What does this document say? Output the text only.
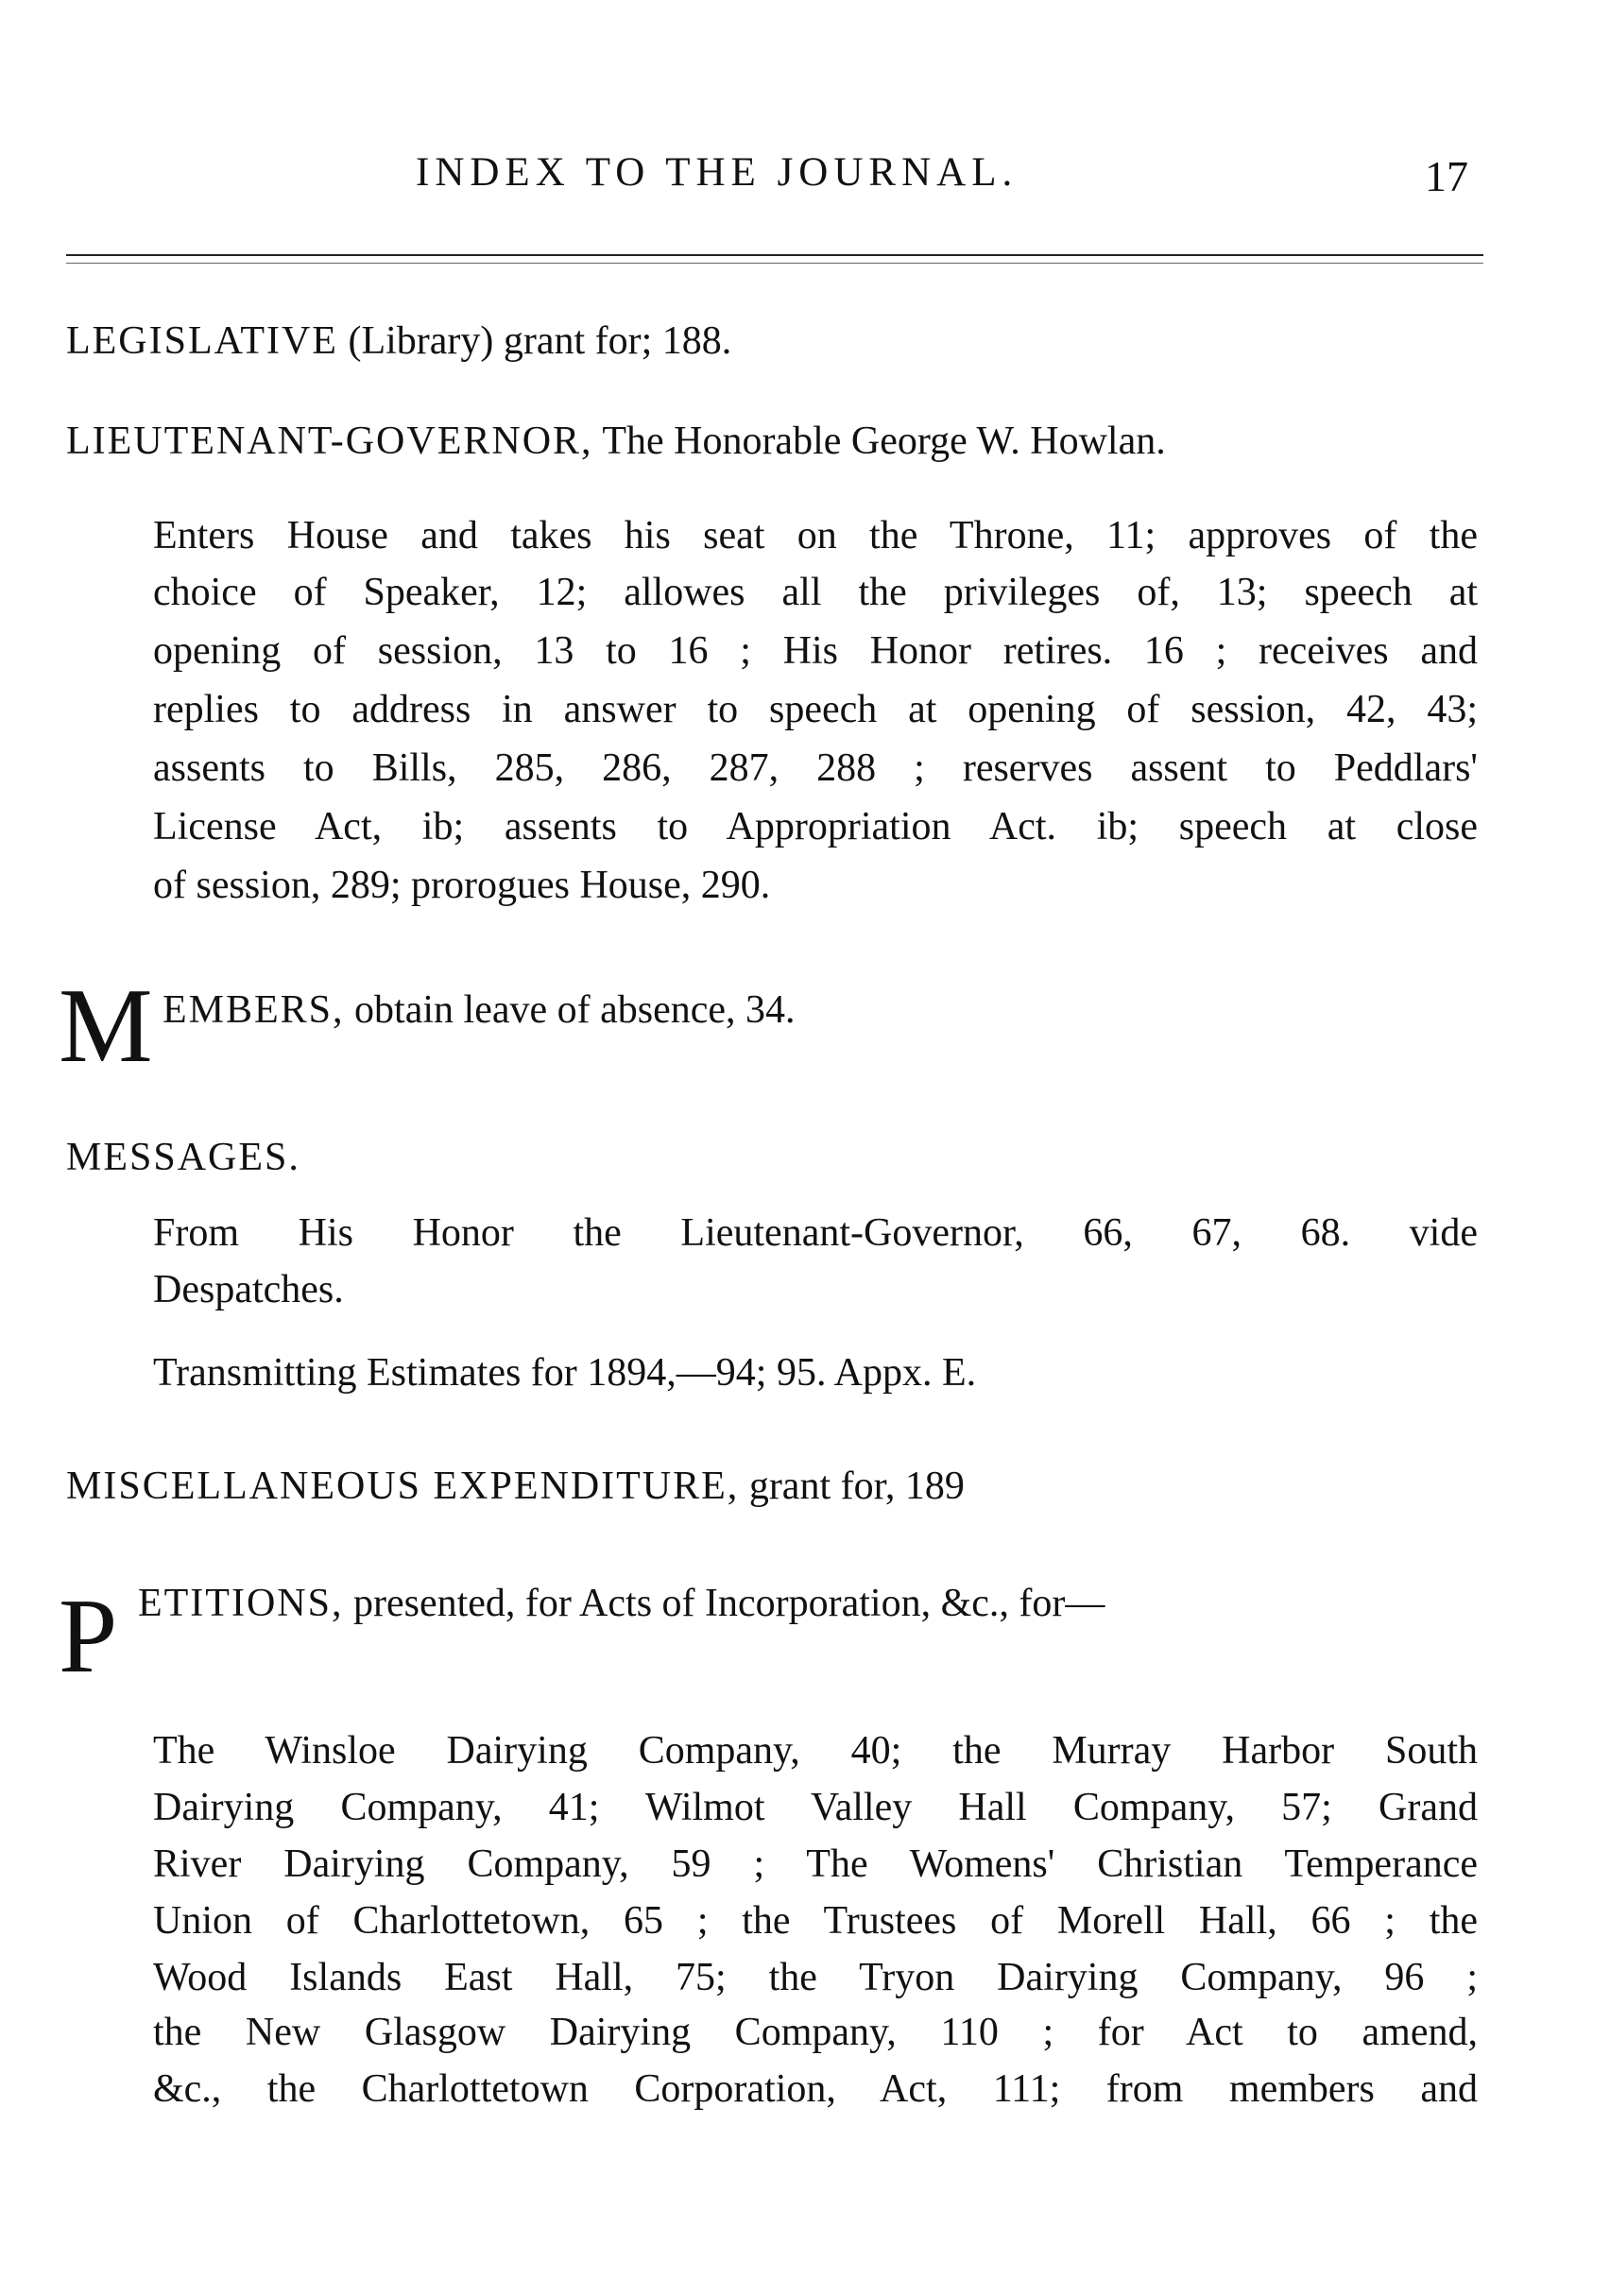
INDEX TO THE JOURNAL.	17
LEGISLATIVE (Library) grant for; 188.
LIEUTENANT-GOVERNOR, The Honorable George W. Howlan.
Enters House and takes his seat on the Throne, 11; approves of the
choice of Speaker, 12; allowes all the privileges of, 13; speech at
opening of session, 13 to 16 ; His Honor retires. 16 ; receives and
replies to address in answer to speech at opening of session, 42, 43;
assents to Bills, 285, 286, 287, 288 ; reserves assent to Peddlars'
License Act, ib; assents to Appropriation Act. ib; speech at close
of session, 289; prorogues House, 290.
M EMBERS, obtain leave of absence, 34.
MESSAGES.
From His Honor the Lieutenant-Governor, 66, 67, 68. vide
Despatches.
Transmitting Estimates for 1894,—94; 95. Appx. E.
MISCELLANEOUS EXPENDITURE, grant for, 189
P ETITIONS, presented, for Acts of Incorporation, &c., for—
The Winsloe Dairying Company, 40; the Murray Harbor South
Dairying Company, 41; Wilmot Valley Hall Company, 57; Grand
River Dairying Company, 59 ; The Womens' Christian Temperance
Union of Charlottetown, 65 ; the Trustees of Morell Hall, 66 ; the
Wood Islands East Hall, 75; the Tryon Dairying Company, 96 ;
the New Glasgow Dairying Company, 110 ; for Act to amend,
&c., the Charlottetown Corporation, Act, 111; from members and
